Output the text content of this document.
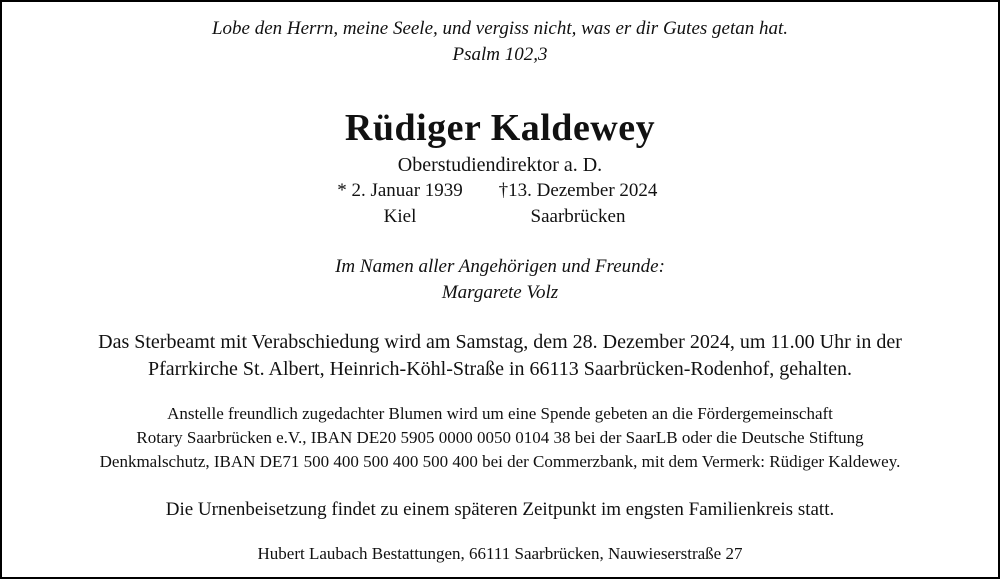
Lobe den Herrn, meine Seele, und vergiss nicht, was er dir Gutes getan hat.
Psalm 102,3
Rüdiger Kaldewey
Oberstudiendirektor a. D.
* 2. Januar 1939	†13. Dezember 2024
Kiel	Saarbrücken
Im Namen aller Angehörigen und Freunde:
Margarete Volz
Das Sterbeamt mit Verabschiedung wird am Samstag, dem 28. Dezember 2024, um 11.00 Uhr in der
Pfarrkirche St. Albert, Heinrich-Köhl-Straße in 66113 Saarbrücken-Rodenhof, gehalten.
Anstelle freundlich zugedachter Blumen wird um eine Spende gebeten an die Fördergemeinschaft
Rotary Saarbrücken e.V., IBAN DE20 5905 0000 0050 0104 38 bei der SaarLB oder die Deutsche Stiftung
Denkmalschutz, IBAN DE71 500 400 500 400 500 400 bei der Commerzbank, mit dem Vermerk: Rüdiger Kaldewey.
Die Urnenbeisetzung findet zu einem späteren Zeitpunkt im engsten Familienkreis statt.
Hubert Laubach Bestattungen, 66111 Saarbrücken, Nauwieserstraße 27
